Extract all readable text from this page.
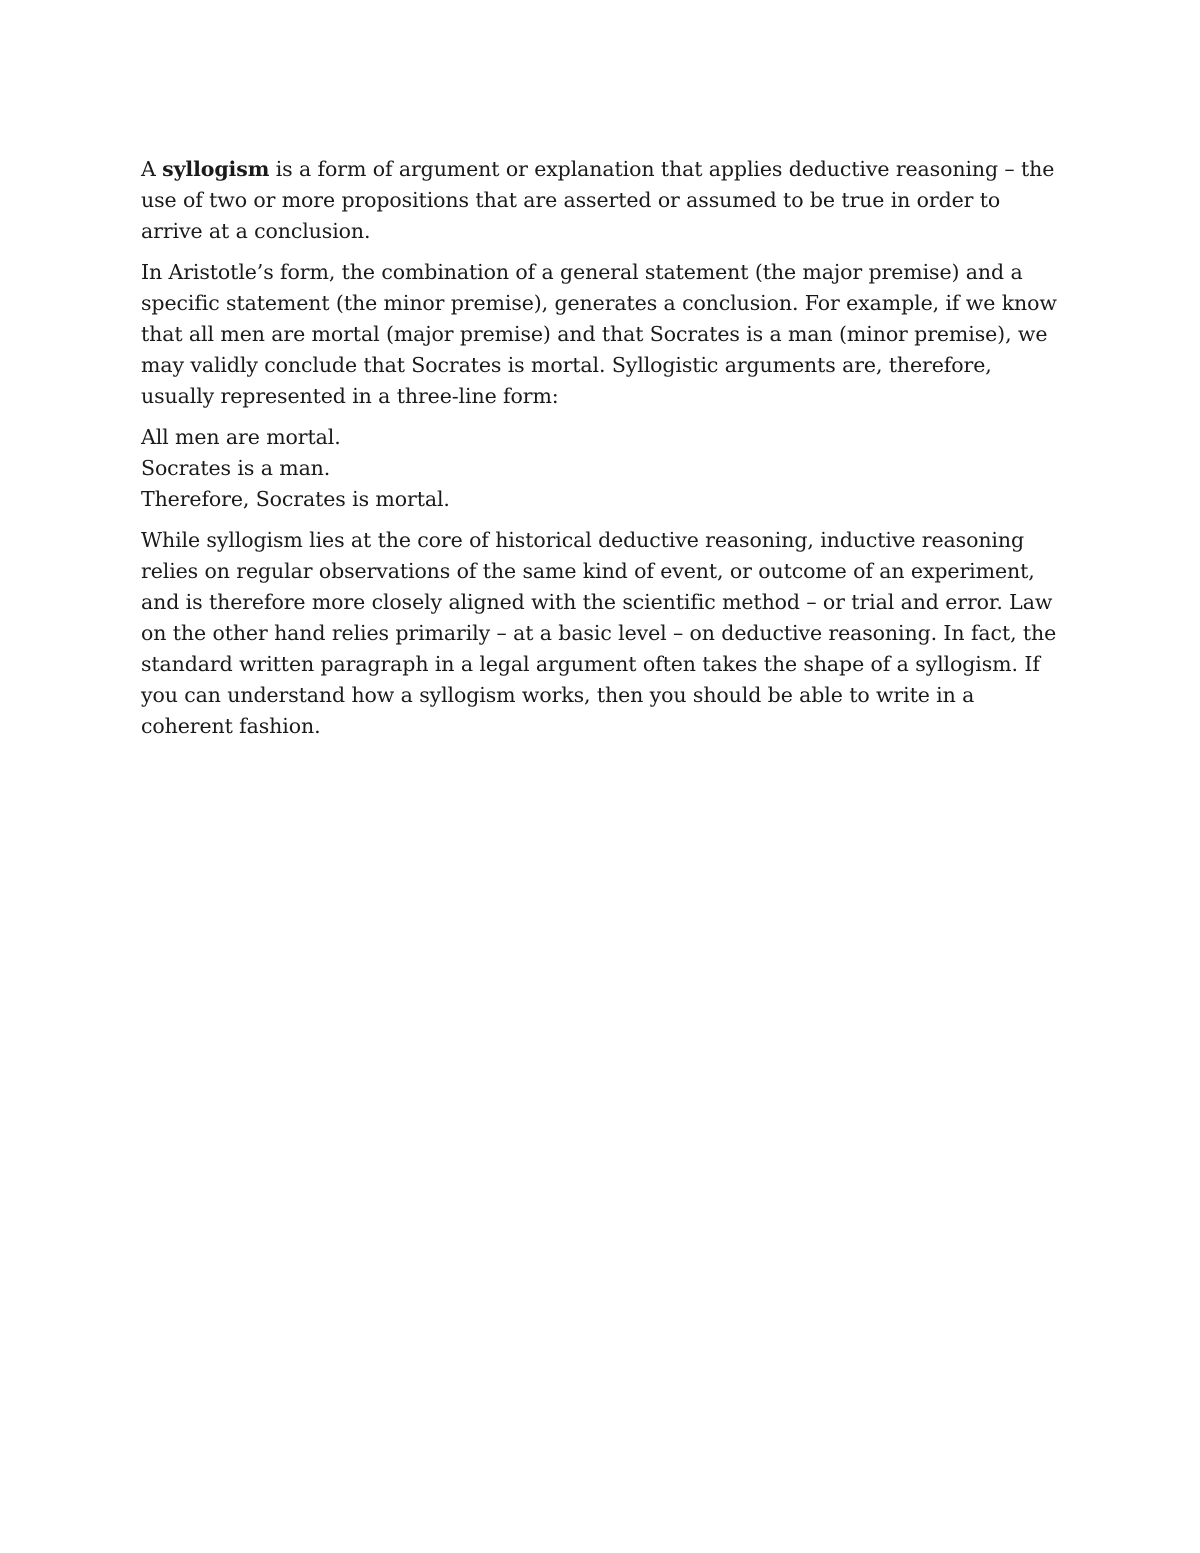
A syllogism is a form of argument or explanation that applies deductive reasoning – the use of two or more propositions that are asserted or assumed to be true in order to arrive at a conclusion.

In Aristotle’s form, the combination of a general statement (the major premise) and a specific statement (the minor premise), generates a conclusion. For example, if we know that all men are mortal (major premise) and that Socrates is a man (minor premise), we may validly conclude that Socrates is mortal. Syllogistic arguments are, therefore, usually represented in a three-line form:

All men are mortal.
Socrates is a man.
Therefore, Socrates is mortal.

While syllogism lies at the core of historical deductive reasoning, inductive reasoning relies on regular observations of the same kind of event, or outcome of an experiment, and is therefore more closely aligned with the scientific method – or trial and error. Law on the other hand relies primarily – at a basic level – on deductive reasoning. In fact, the standard written paragraph in a legal argument often takes the shape of a syllogism. If you can understand how a syllogism works, then you should be able to write in a coherent fashion.
